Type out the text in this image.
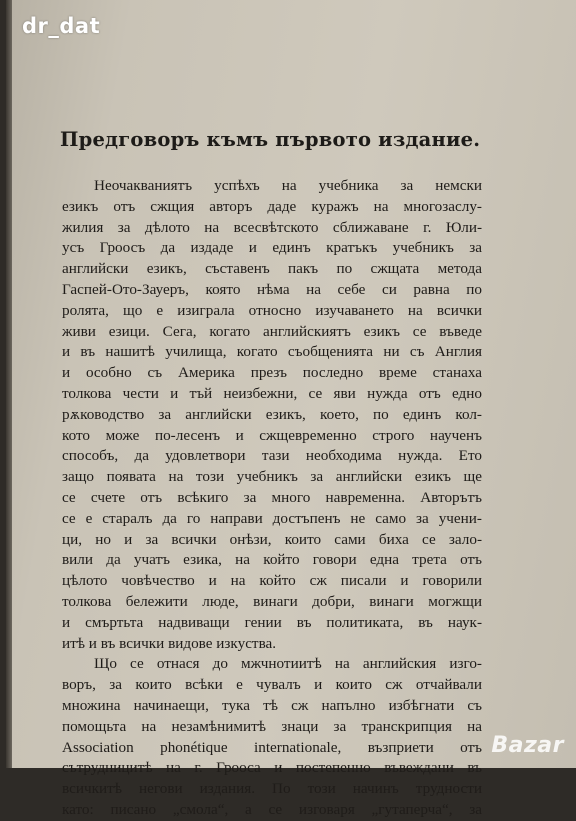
Предговоръ къмъ първото издание.
Неочакваниятъ успѣхъ на учебника за немски
езикъ отъ сжщия авторъ даде куражъ на многозаслу-
жилия за дѣлото на всесвѣтското сближаване г. Юли-
усъ Гроосъ да издаде и единъ кратъкъ учебникъ за
английски езикъ, съставенъ пакъ по сжщата метода
Гаспей-Ото-Зауеръ, която нѣма на себе си равна по
ролята, що е изиграла относно изучаването на всички
живи езици. Сега, когато английскиятъ езикъ се въведе
и въ нашитѣ училища, когато съобщенията ни съ Англия
и особно съ Америка презъ последно време станаха
толкова чести и тъй неизбежни, се яви нужда отъ едно
рѫководство за английски езикъ, което, по единъ кол-
кото може по-лесенъ и сжщевременно строго наученъ
способъ, да удовлетвори тази необходима нужда. Ето
защо появата на този учебникъ за английски езикъ ще
се счете отъ всѣкиго за много навременна. Авторътъ
се е старалъ да го направи достъпенъ не само за учени-
ци, но и за всички онѣзи, които сами биха се зало-
вили да учатъ езика, на който говори една трета отъ
цѣлото човѣчество и на който сж писали и говорили
толкова бележити люде, винаги добри, винаги могжщи
и смъртьта надвиващи гении въ политиката, въ наук-
итѣ и въ всички видове изкуства.
Що се отнася до мжчнотиитѣ на английския изго-
воръ, за които всѣки е чувалъ и които сж отчайвали
множина начинаещи, тука тѣ сж напълно избѣгнати съ
помощьта на незамѣнимитѣ знаци за транскрипция на
Association phonétique internationale, възприети отъ
сътрудницитѣ на г. Грооса и постепенно въвеждани въ
всичкитѣ негови издания. По този начинъ трудности
като: писано „смола“, а се изговаря „гутаперча“, за
dr_dat
Bazar
